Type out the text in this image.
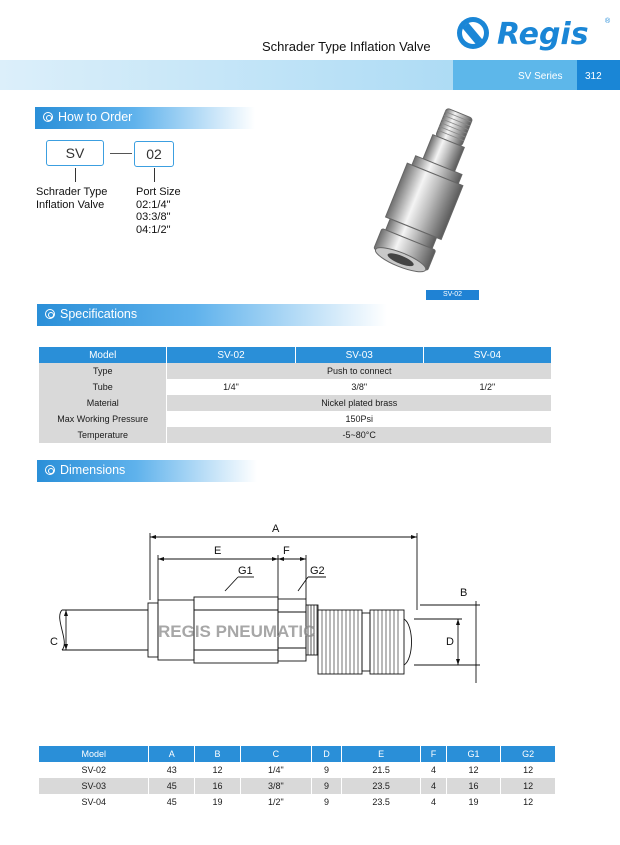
Schrader Type Inflation Valve Regis ®
SV Series 312
How to Order
SV	02
Schrader Type
Inflation Valve
Port Size
02:1/4"
03:3/8"
04:1/2"
SV-02
Specifications
Model	SV-02	SV-03	SV-04
Type	Push to connect		
Tube	1/4"	3/8"	1/2"
Material	Nickel plated brass		
Max Working Pressure	150Psi		
Temperature	-5~80°C		
Dimensions
A
E	F
G1	G2
B
D
C
REGIS PNEUMATIC
Model	A	B	C	D	E	F	G1	G2
SV-02	43	12	1/4"	9	21.5	4	12	12
SV-03	45	16	3/8"	9	23.5	4	16	12
SV-04	45	19	1/2"	9	23.5	4	19	12
